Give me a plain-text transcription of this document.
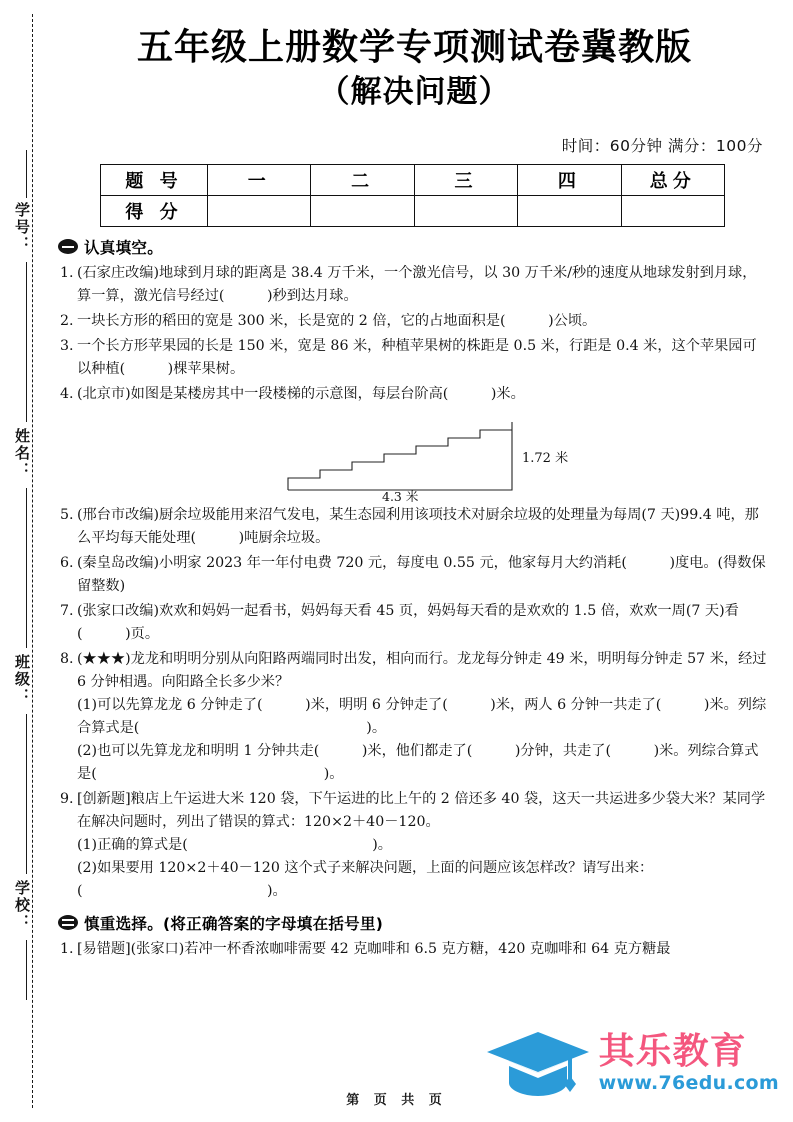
学号：
姓名：
班级：
学校：
五年级上册数学专项测试卷冀教版
（解决问题）
时间：60分钟 满分：100分
题 号	一	二	三	四	总分
得 分					
认真填空。
1. (石家庄改编)地球到月球的距离是 38.4 万千米，一个激光信号，以 30 万千米/秒的速度从地球发射到月球，算一算，激光信号经过(　　　)秒到达月球。
2. 一块长方形的稻田的宽是 300 米，长是宽的 2 倍，它的占地面积是(　　　)公顷。
3. 一个长方形苹果园的长是 150 米，宽是 86 米，种植苹果树的株距是 0.5 米，行距是 0.4 米，这个苹果园可以种植(　　　)棵苹果树。
4. (北京市)如图是某楼房其中一段楼梯的示意图，每层台阶高(　　　)米。
1.72 米
4.3 米
5. (邢台市改编)厨余垃圾能用来沼气发电，某生态园利用该项技术对厨余垃圾的处理量为每周(7 天)99.4 吨，那么平均每天能处理(　　　)吨厨余垃圾。
6. (秦皇岛改编)小明家 2023 年一年付电费 720 元，每度电 0.55 元，他家每月大约消耗(　　　)度电。(得数保留整数)
7. (张家口改编)欢欢和妈妈一起看书，妈妈每天看 45 页，妈妈每天看的是欢欢的 1.5 倍，欢欢一周(7 天)看(　　　)页。
8. (★★★)龙龙和明明分别从向阳路两端同时出发，相向而行。龙龙每分钟走 49 米，明明每分钟走 57 米，经过 6 分钟相遇。向阳路全长多少米？
(1)可以先算龙龙 6 分钟走了(　　　)米，明明 6 分钟走了(　　　)米，两人 6 分钟一共走了(　　　)米。列综合算式是(　　　　　　　　　　　　　　　　)。
(2)也可以先算龙龙和明明 1 分钟共走(　　　)米，他们都走了(　　　)分钟，共走了(　　　)米。列综合算式是(　　　　　　　　　　　　　　　　)。
9. [创新题]粮店上午运进大米 120 袋，下午运进的比上午的 2 倍还多 40 袋，这天一共运进多少袋大米？某同学在解决问题时，列出了错误的算式：120×2＋40－120。
(1)正确的算式是(　　　　　　　　　　　　　)。
(2)如果要用 120×2＋40－120 这个式子来解决问题，上面的问题应该怎样改？请写出来：(　　　　　　　　　　　　　)。
慎重选择。(将正确答案的字母填在括号里)
1. [易错题](张家口)若冲一杯香浓咖啡需要 42 克咖啡和 6.5 克方糖，420 克咖啡和 64 克方糖最
其乐教育
www.76edu.com
第 页 共 页
